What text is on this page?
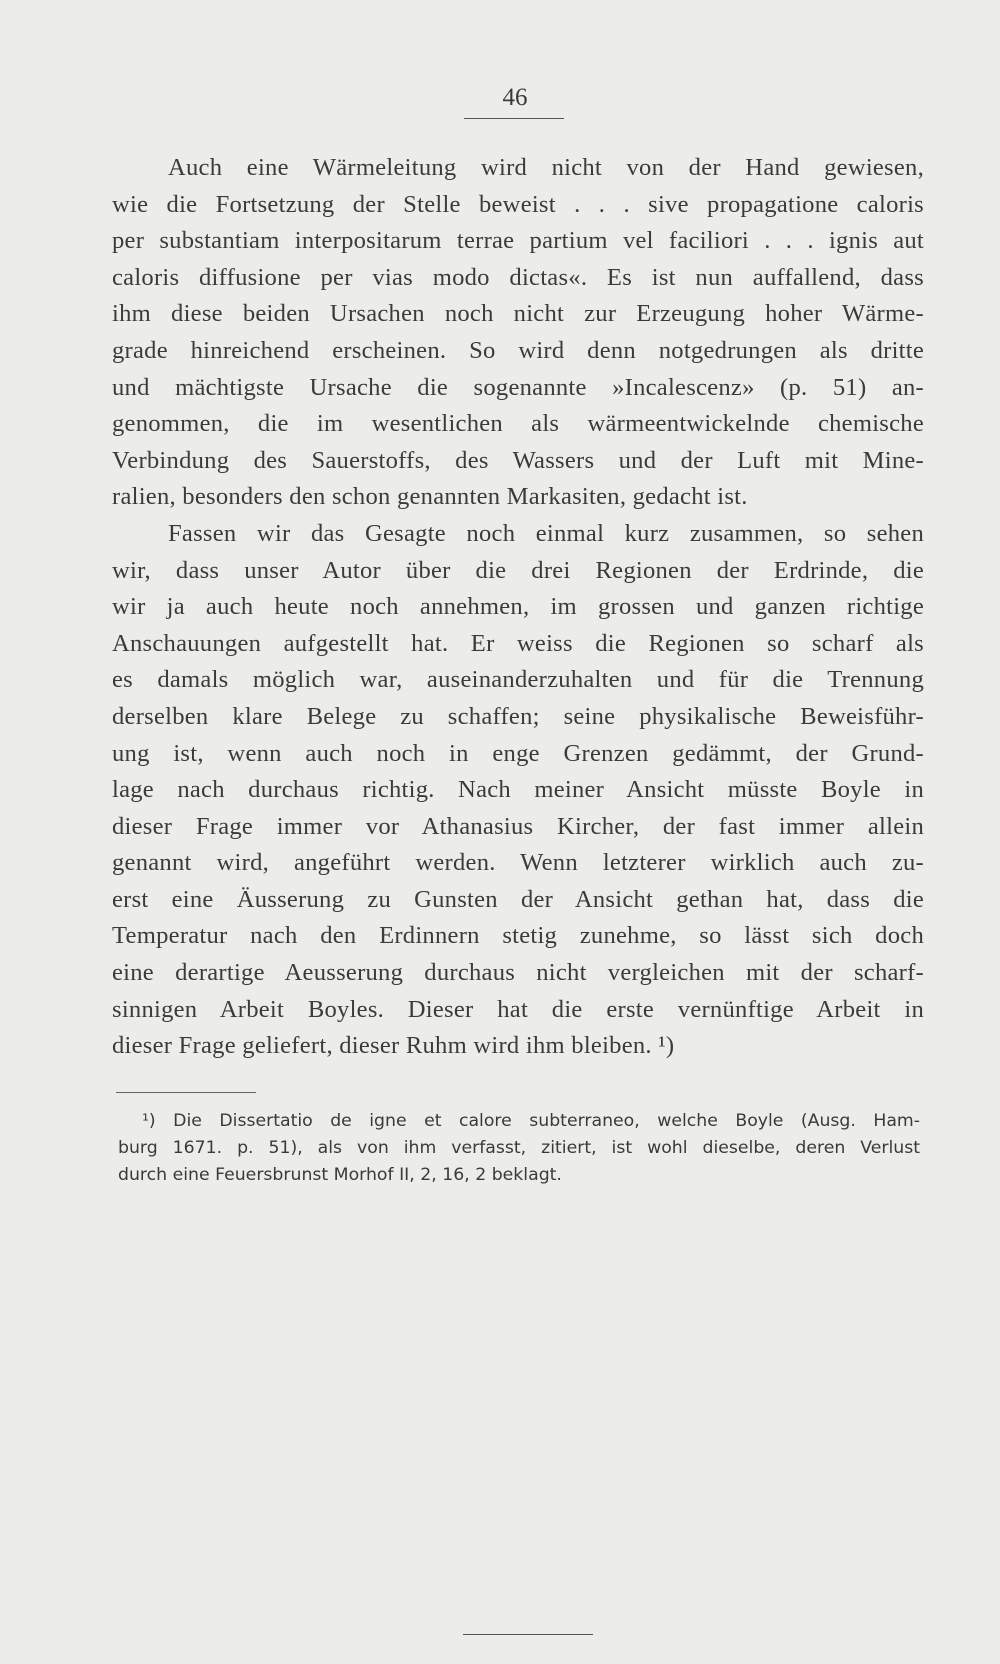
46
Auch eine Wärmeleitung wird nicht von der Hand gewiesen,
wie die Fortsetzung der Stelle beweist . . . sive propagatione caloris
per substantiam interpositarum terrae partium vel faciliori . . . ignis aut
caloris diffusione per vias modo dictas«. Es ist nun auffallend, dass
ihm diese beiden Ursachen noch nicht zur Erzeugung hoher Wärme-
grade hinreichend erscheinen. So wird denn notgedrungen als dritte
und mächtigste Ursache die sogenannte »Incalescenz» (p. 51) an-
genommen, die im wesentlichen als wärmeentwickelnde chemische
Verbindung des Sauerstoffs, des Wassers und der Luft mit Mine-
ralien, besonders den schon genannten Markasiten, gedacht ist.
Fassen wir das Gesagte noch einmal kurz zusammen, so sehen
wir, dass unser Autor über die drei Regionen der Erdrinde, die
wir ja auch heute noch annehmen, im grossen und ganzen richtige
Anschauungen aufgestellt hat. Er weiss die Regionen so scharf als
es damals möglich war, auseinanderzuhalten und für die Trennung
derselben klare Belege zu schaffen; seine physikalische Beweisführ-
ung ist, wenn auch noch in enge Grenzen gedämmt, der Grund-
lage nach durchaus richtig. Nach meiner Ansicht müsste Boyle in
dieser Frage immer vor Athanasius Kircher, der fast immer allein
genannt wird, angeführt werden. Wenn letzterer wirklich auch zu-
erst eine Äusserung zu Gunsten der Ansicht gethan hat, dass die
Temperatur nach den Erdinnern stetig zunehme, so lässt sich doch
eine derartige Aeusserung durchaus nicht vergleichen mit der scharf-
sinnigen Arbeit Boyles. Dieser hat die erste vernünftige Arbeit in
dieser Frage geliefert, dieser Ruhm wird ihm bleiben. ¹)
¹) Die Dissertatio de igne et calore subterraneo, welche Boyle (Ausg. Ham-
burg 1671. p. 51), als von ihm verfasst, zitiert, ist wohl dieselbe, deren Verlust
durch eine Feuersbrunst Morhof II, 2, 16, 2 beklagt.
